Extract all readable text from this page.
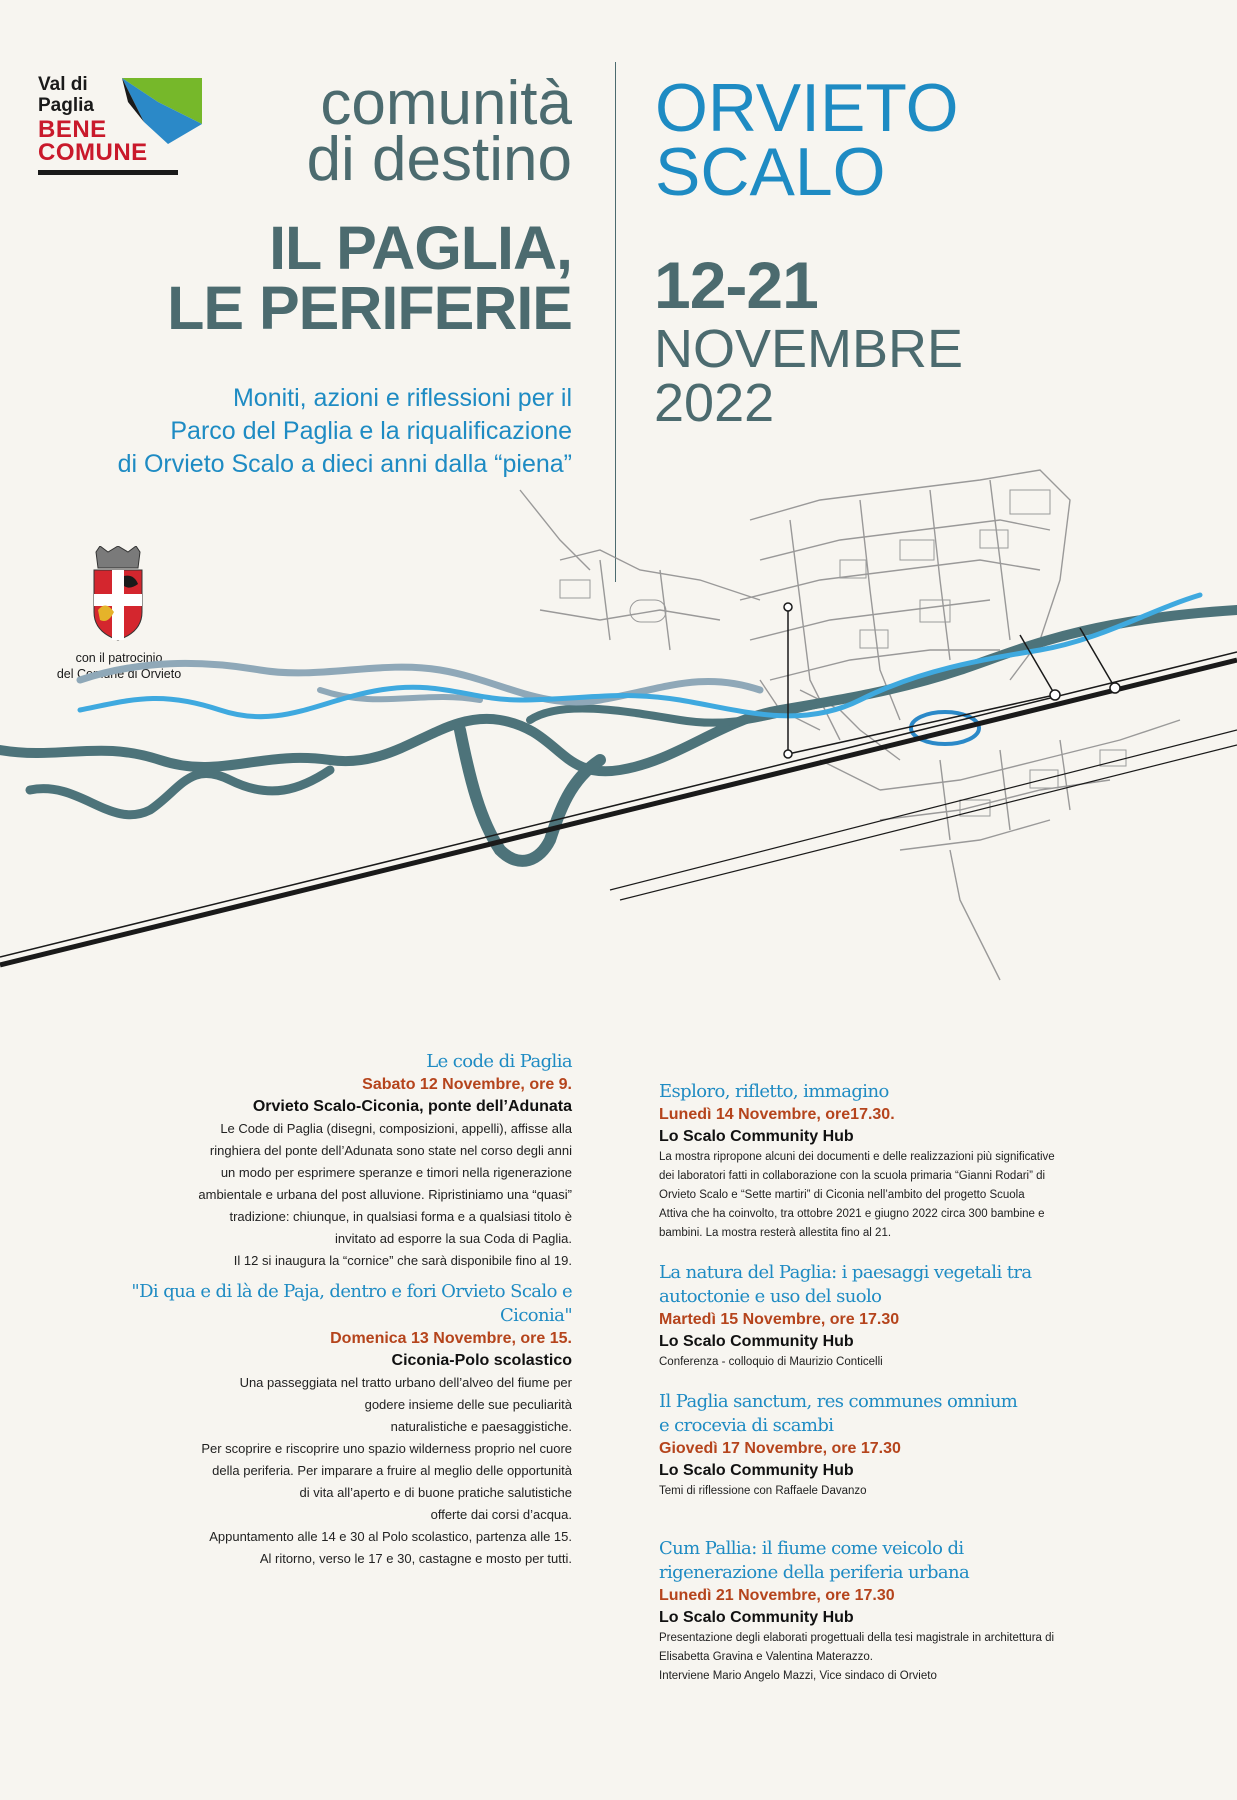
Val di
Paglia
BENE
COMUNE
comunità
di destino
IL PAGLIA,
LE PERIFERIE
Moniti, azioni e riflessioni per il
Parco del Paglia e la riqualificazione
di Orvieto Scalo a dieci anni dalla “piena”
ORVIETO
SCALO
12-21
NOVEMBRE
2022
con il patrocinio
del Comune di Orvieto
Le code di Paglia
Sabato 12 Novembre, ore 9.
Orvieto Scalo-Ciconia, ponte dell’Adunata

Le Code di Paglia (disegni, composizioni, appelli), affisse alla

ringhiera del ponte dell’Adunata sono state nel corso degli anni

un modo per esprimere speranze e timori nella rigenerazione

ambientale e urbana del post alluvione. Ripristiniamo una “quasi”

tradizione: chiunque, in qualsiasi forma e a qualsiasi titolo è

invitato ad esporre la sua Coda di Paglia.

Il 12 si inaugura la “cornice” che sarà disponibile fino al 19.

"Di qua e di là de Paja, dentro e fori Orvieto Scalo e Ciconia"
Domenica 13 Novembre, ore 15.
Ciconia-Polo scolastico

Una passeggiata nel tratto urbano dell’alveo del fiume per

godere insieme delle sue peculiarità

naturalistiche e paesaggistiche.

Per scoprire e riscoprire uno spazio wilderness proprio nel cuore

della periferia. Per imparare a fruire al meglio delle opportunità

di vita all’aperto e di buone pratiche salutistiche

offerte dai corsi d’acqua.

Appuntamento alle 14 e 30 al Polo scolastico, partenza alle 15.

Al ritorno, verso le 17 e 30, castagne e mosto per tutti.

Esploro, rifletto, immagino
Lunedì 14 Novembre, ore17.30.
Lo Scalo Community Hub

La mostra ripropone alcuni dei documenti e delle realizzazioni più significative

dei laboratori fatti in collaborazione con la scuola primaria “Gianni Rodari” di

Orvieto Scalo e “Sette martiri” di Ciconia nell’ambito del progetto Scuola

Attiva che ha coinvolto, tra ottobre 2021 e giugno 2022 circa 300 bambine e

bambini. La mostra resterà allestita fino al 21.

La natura del Paglia: i paesaggi vegetali tra autoctonie e uso del suolo
Martedì 15 Novembre, ore 17.30
Lo Scalo Community Hub

Conferenza - colloquio di Maurizio Conticelli

Il Paglia sanctum, res communes omnium e crocevia di scambi
Giovedì 17 Novembre, ore 17.30
Lo Scalo Community Hub

Temi di riflessione con Raffaele Davanzo

Cum Pallia: il fiume come veicolo di rigenerazione della periferia urbana
Lunedì 21 Novembre, ore 17.30
Lo Scalo Community Hub

Presentazione degli elaborati progettuali della tesi magistrale in architettura di

Elisabetta Gravina e Valentina Materazzo.

Interviene Mario Angelo Mazzi, Vice sindaco di Orvieto
